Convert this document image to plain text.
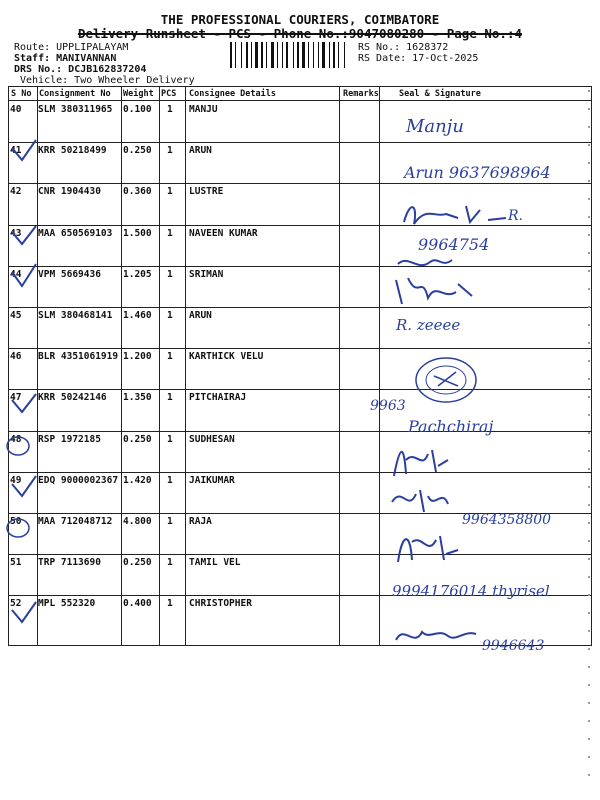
THE PROFESSIONAL COURIERS, COIMBATORE
Delivery Runsheet - PCS - Phone No.:9047080280 - Page No.:4
Route: UPPLIPALAYAM
Staff: MANIVANNAN
DRS No.: DCJB162837204
Vehicle: Two Wheeler Delivery
RS No.: 1628372
RS Date: 17-Oct-2025
S No Consignment No Weight PCS Consignee Details	Remarks Seal & Signature
40 SLM 380311965 0.100 1 MANJU
41 KRR 50218499 0.250 1 ARUN
42 CNR 1904430 0.360 1 LUSTRE
43 MAA 650569103 1.500 1 NAVEEN KUMAR
44 VPM 5669436 1.205 1 SRIMAN
45 SLM 380468141 1.460 1 ARUN
46 BLR 4351061919 1.200 1 KARTHICK VELU
47 KRR 50242146 1.350 1 PITCHAIRAJ
48 RSP 1972185 0.250 1 SUDHESAN
49 EDQ 9000002367 1.420 1 JAIKUMAR
50 MAA 712048712 4.800 1 RAJA
51 TRP 7113690 0.250 1 TAMIL VEL
52 MPL 552320	0.400 1 CHRISTOPHER
Manju
Arun 9637698964
R.
9964754
R. zeeee
9963
Pachchiraj
9964358800
9994176014 thyrisel
9946643
